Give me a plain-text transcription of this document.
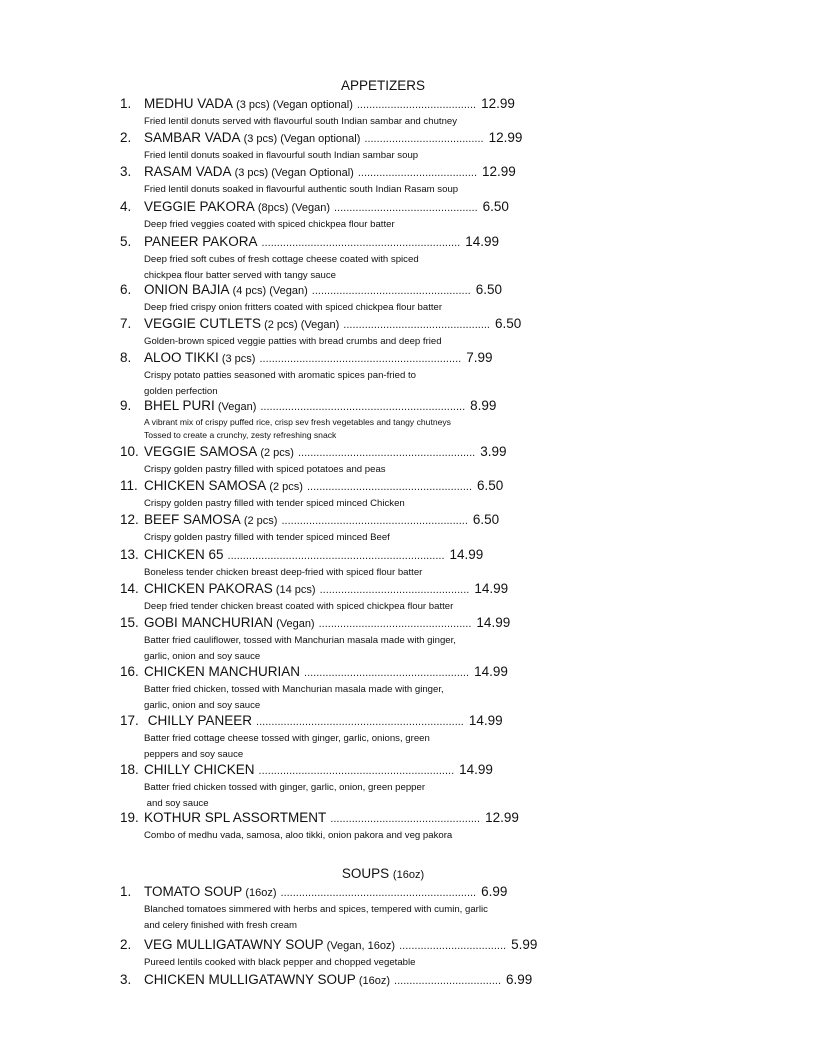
APPETIZERS
1. MEDHU VADA (3 pcs) (Vegan optional) ....................................... 12.99
Fried lentil donuts served with flavourful south Indian sambar and chutney
2. SAMBAR VADA (3 pcs) (Vegan optional) ....................................... 12.99
Fried lentil donuts soaked in flavourful south Indian sambar soup
3. RASAM VADA (3 pcs) (Vegan Optional) ....................................... 12.99
Fried lentil donuts soaked in flavourful authentic south Indian Rasam soup
4. VEGGIE PAKORA (8pcs) (Vegan) ............................................... 6.50
Deep fried veggies coated with spiced chickpea flour batter
5. PANEER PAKORA ................................................................. 14.99
Deep fried soft cubes of fresh cottage cheese coated with spiced
chickpea flour batter served with tangy sauce
6. ONION BAJIA (4 pcs) (Vegan) .................................................... 6.50
Deep fried crispy onion fritters coated with spiced chickpea flour batter
7. VEGGIE CUTLETS (2 pcs) (Vegan) ................................................ 6.50
Golden-brown spiced veggie patties with bread crumbs and deep fried
8. ALOO TIKKI (3 pcs) .................................................................. 7.99
Crispy potato patties seasoned with aromatic spices pan-fried to
golden perfection
9. BHEL PURI (Vegan) ................................................................... 8.99
A vibrant mix of crispy puffed rice, crisp sev fresh vegetables and tangy chutneys
Tossed to create a crunchy, zesty refreshing snack
10. VEGGIE SAMOSA (2 pcs) .......................................................... 3.99
Crispy golden pastry filled with spiced potatoes and peas
11. CHICKEN SAMOSA (2 pcs) ...................................................... 6.50
Crispy golden pastry filled with tender spiced minced Chicken
12. BEEF SAMOSA (2 pcs) ............................................................. 6.50
Crispy golden pastry filled with tender spiced minced Beef
13. CHICKEN 65 ....................................................................... 14.99
Boneless tender chicken breast deep-fried with spiced flour batter
14. CHICKEN PAKORAS (14 pcs) ................................................. 14.99
Deep fried tender chicken breast coated with spiced chickpea flour batter
15. GOBI MANCHURIAN (Vegan) .................................................. 14.99
Batter fried cauliflower, tossed with Manchurian masala made with ginger,
garlic, onion and soy sauce
16. CHICKEN MANCHURIAN ...................................................... 14.99
Batter fried chicken, tossed with Manchurian masala made with ginger,
garlic, onion and soy sauce
17. CHILLY PANEER .................................................................... 14.99
Batter fried cottage cheese tossed with ginger, garlic, onions, green
peppers and soy sauce
18. CHILLY CHICKEN ................................................................ 14.99
Batter fried chicken tossed with ginger, garlic, onion, green pepper
and soy sauce
19. KOTHUR SPL ASSORTMENT ................................................. 12.99
Combo of medhu vada, samosa, aloo tikki, onion pakora and veg pakora
SOUPS (16oz)
1. TOMATO SOUP (16oz) ................................................................ 6.99
Blanched tomatoes simmered with herbs and spices, tempered with cumin, garlic
and celery finished with fresh cream
2. VEG MULLIGATAWNY SOUP (Vegan, 16oz) ................................... 5.99
Pureed lentils cooked with black pepper and chopped vegetable
3. CHICKEN MULLIGATAWNY SOUP (16oz) ................................... 6.99
